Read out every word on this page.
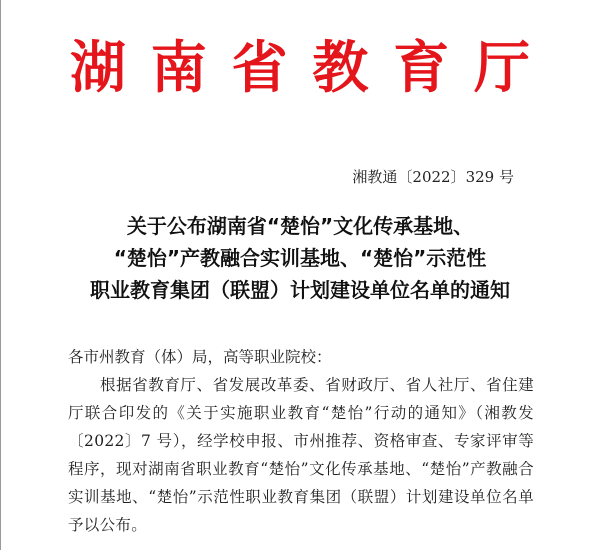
湖 南 省 教 育 厅
湘教通〔2022〕329 号
关于公布湖南省“楚怡”文化传承基地、
“楚怡”产教融合实训基地、“楚怡”示范性
职业教育集团（联盟）计划建设单位名单的通知

各市州教育（体）局，高等职业院校：

根据省教育厅、省发展改革委、省财政厅、省人社厅、省住建厅联合印发的《关于实施职业教育“楚怡”行动的通知》（湘教发〔2022〕7 号），经学校申报、市州推荐、资格审查、专家评审等程序，现对湖南省职业教育“楚怡”文化传承基地、“楚怡”产教融合实训基地、“楚怡”示范性职业教育集团（联盟）计划建设单位名单予以公布。
